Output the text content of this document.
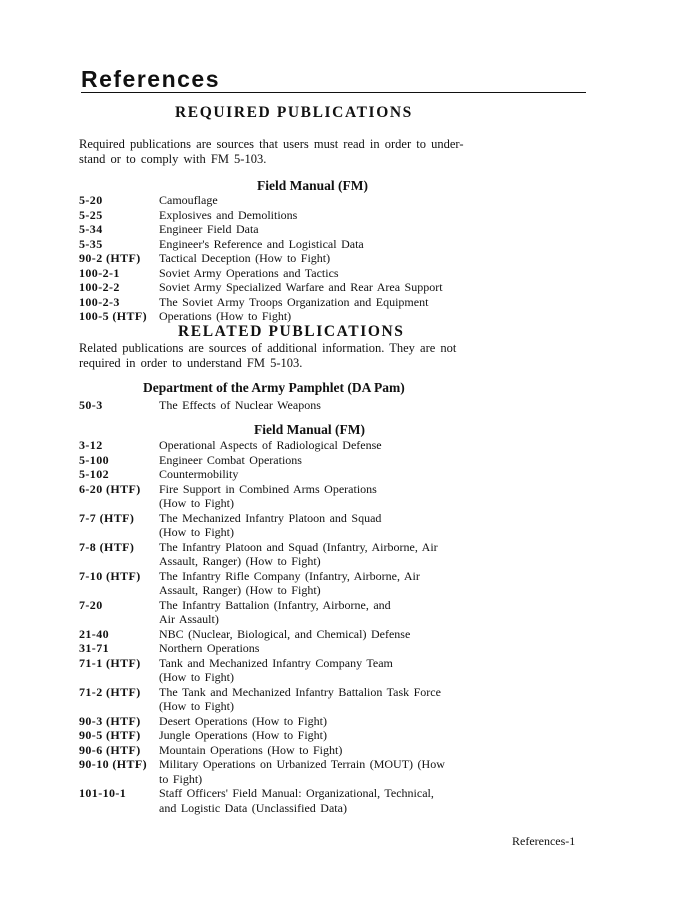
References
REQUIRED PUBLICATIONS
Required publications are sources that users must read in order to under-
stand or to comply with FM 5-103.
Field Manual (FM)
5-20	Camouflage
5-25	Explosives and Demolitions
5-34	Engineer Field Data
5-35	Engineer's Reference and Logistical Data
90-2 (HTF)	Tactical Deception (How to Fight)
100-2-1	Soviet Army Operations and Tactics
100-2-2	Soviet Army Specialized Warfare and Rear Area Support
100-2-3	The Soviet Army Troops Organization and Equipment
100-5 (HTF) Operations (How to Fight)
RELATED PUBLICATIONS
Related publications are sources of additional information. They are not
required in order to understand FM 5-103.
Department of the Army Pamphlet (DA Pam)
50-3	The Effects of Nuclear Weapons
Field Manual (FM)
3-12	Operational Aspects of Radiological Defense
5-100	Engineer Combat Operations
5-102	Countermobility
6-20 (HTF)	Fire Support in Combined Arms Operations
(How to Fight)
7-7 (HTF)	The Mechanized Infantry Platoon and Squad
(How to Fight)
7-8 (HTF)	The Infantry Platoon and Squad (Infantry, Airborne, Air
Assault, Ranger) (How to Fight)
7-10 (HTF)	The Infantry Rifle Company (Infantry, Airborne, Air
Assault, Ranger) (How to Fight)
7-20	The Infantry Battalion (Infantry, Airborne, and
Air Assault)
21-40	NBC (Nuclear, Biological, and Chemical) Defense
31-71	Northern Operations
71-1 (HTF)	Tank and Mechanized Infantry Company Team
(How to Fight)
71-2 (HTF)	The Tank and Mechanized Infantry Battalion Task Force
(How to Fight)
90-3 (HTF)	Desert Operations (How to Fight)
90-5 (HTF)	Jungle Operations (How to Fight)
90-6 (HTF)	Mountain Operations (How to Fight)
90-10 (HTF) Military Operations on Urbanized Terrain (MOUT) (How
to Fight)
101-10-1	Staff Officers' Field Manual: Organizational, Technical,
and Logistic Data (Unclassified Data)
References-1
